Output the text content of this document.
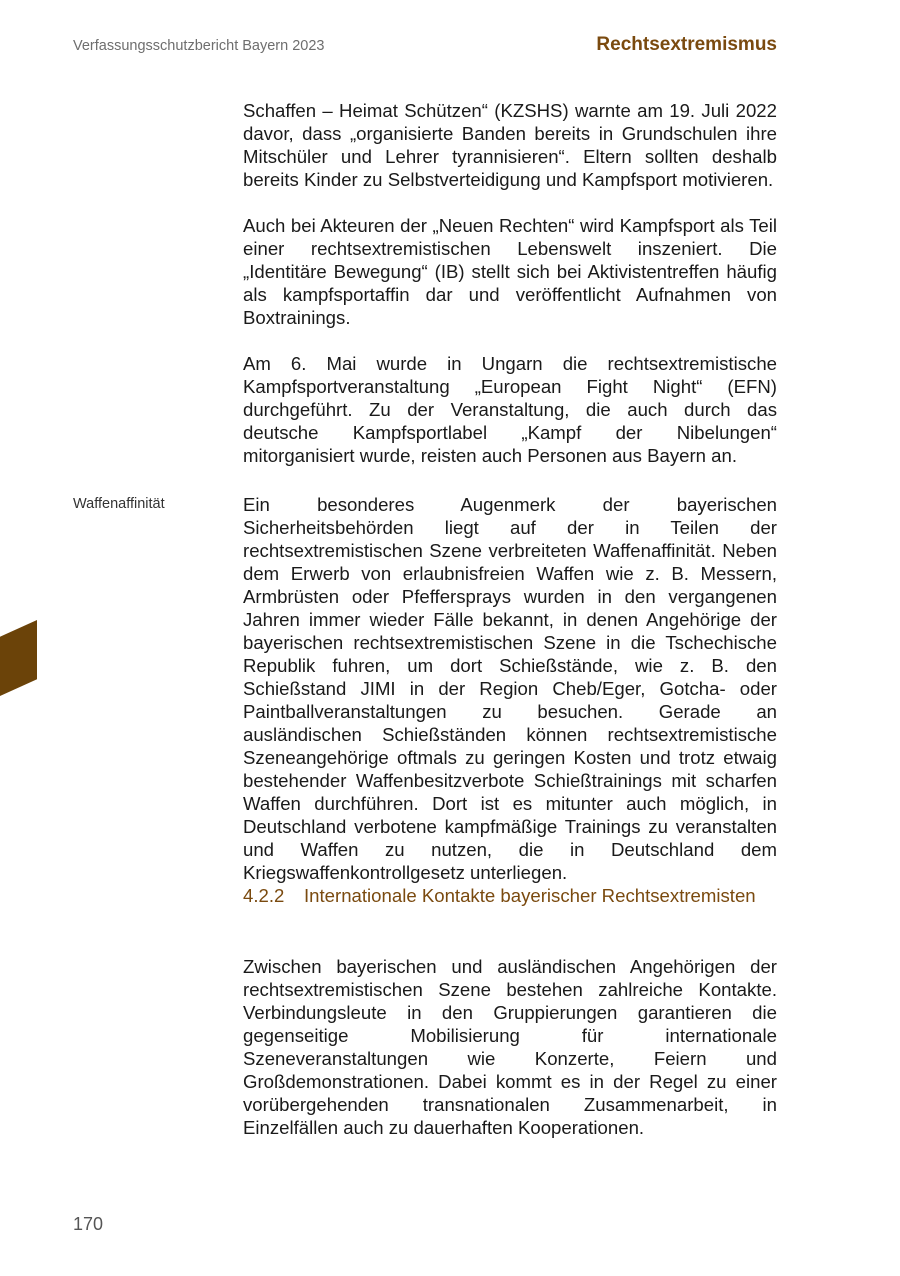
Verfassungsschutzbericht Bayern 2023	Rechtsextremismus
Waffenaffinität

Schaffen – Heimat Schützen“ (KZSHS) warnte am 19. Juli 2022 davor, dass „organisierte Banden bereits in Grundschulen ihre Mitschüler und Lehrer tyrannisieren“. Eltern sollten deshalb bereits Kinder zu Selbstverteidigung und Kampfsport motivieren.

Auch bei Akteuren der „Neuen Rechten“ wird Kampfsport als Teil einer rechtsextremistischen Lebenswelt inszeniert. Die „Identitäre Bewegung“ (IB) stellt sich bei Aktivistentreffen häufig als kampfsportaffin dar und veröffentlicht Aufnahmen von Boxtrainings.

Am 6. Mai wurde in Ungarn die rechtsextremistische Kampfsportveranstaltung „European Fight Night“ (EFN) durchgeführt. Zu der Veranstaltung, die auch durch das deutsche Kampfsportlabel „Kampf der Nibelungen“ mitorganisiert wurde, reisten auch Personen aus Bayern an.

Ein besonderes Augenmerk der bayerischen Sicherheitsbehörden liegt auf der in Teilen der rechtsextremistischen Szene verbreiteten Waffenaffinität. Neben dem Erwerb von erlaubnisfreien Waffen wie z. B. Messern, Armbrüsten oder Pfeffersprays wurden in den vergangenen Jahren immer wieder Fälle bekannt, in denen Angehörige der bayerischen rechtsextremistischen Szene in die Tschechische Republik fuhren, um dort Schießstände, wie z. B. den Schießstand JIMI in der Region Cheb/Eger, Gotcha- oder Paintballveranstaltungen zu besuchen. Gerade an ausländischen Schießständen können rechtsextremistische Szeneangehörige oftmals zu geringen Kosten und trotz etwaig bestehender Waffenbesitzverbote Schießtrainings mit scharfen Waffen durchführen. Dort ist es mitunter auch möglich, in Deutschland verbotene kampfmäßige Trainings zu veranstalten und Waffen zu nutzen, die in Deutschland dem Kriegswaffenkontrollgesetz unterliegen.

4.2.2	Internationale Kontakte bayerischer Rechtsextremisten

Zwischen bayerischen und ausländischen Angehörigen der rechtsextremistischen Szene bestehen zahlreiche Kontakte. Verbindungsleute in den Gruppierungen garantieren die gegenseitige Mobilisierung für internationale Szeneveranstaltungen wie Konzerte, Feiern und Großdemonstrationen. Dabei kommt es in der Regel zu einer vorübergehenden transnationalen Zusammenarbeit, in Einzelfällen auch zu dauerhaften Kooperationen.

170
